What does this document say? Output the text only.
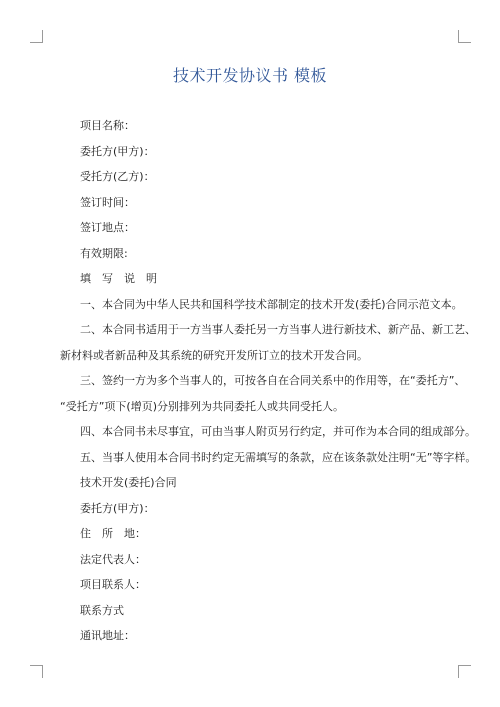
技术开发协议书 模板
项目名称：
委托方(甲方)：
受托方(乙方)：
签订时间：
签订地点：
有效期限:
填　写　说　明
一、本合同为中华人民共和国科学技术部制定的技术开发(委托)合同示范文本。
二、本合同书适用于一方当事人委托另一方当事人进行新技术、新产品、新工艺、
新材料或者新品种及其系统的研究开发所订立的技术开发合同。
三、签约一方为多个当事人的，可按各自在合同关系中的作用等，在“委托方”、
“受托方”项下(增页)分别排列为共同委托人或共同受托人。
四、本合同书未尽事宜，可由当事人附页另行约定，并可作为本合同的组成部分。
五、当事人使用本合同书时约定无需填写的条款，应在该条款处注明“无”等字样。
技术开发(委托)合同
委托方(甲方)：
住　所　地：
法定代表人：
项目联系人：
联系方式
通讯地址：
